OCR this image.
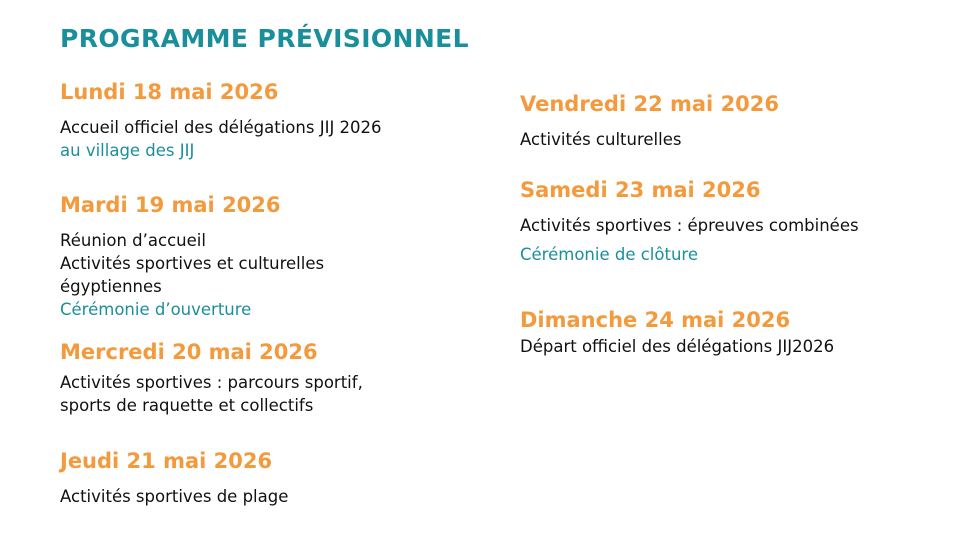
PROGRAMME PRÉVISIONNEL
Lundi 18 mai 2026
Accueil officiel des délégations JIJ 2026
au village des JIJ
Mardi 19 mai 2026
Réunion d’accueil
Activités sportives et culturelles
égyptiennes
Cérémonie d’ouverture
Mercredi 20 mai 2026
Activités sportives : parcours sportif,
sports de raquette et collectifs
Jeudi 21 mai 2026
Activités sportives de plage
Vendredi 22 mai 2026
Activités culturelles
Samedi 23 mai 2026
Activités sportives : épreuves combinées
Cérémonie de clôture
Dimanche 24 mai 2026
Départ officiel des délégations JIJ2026
